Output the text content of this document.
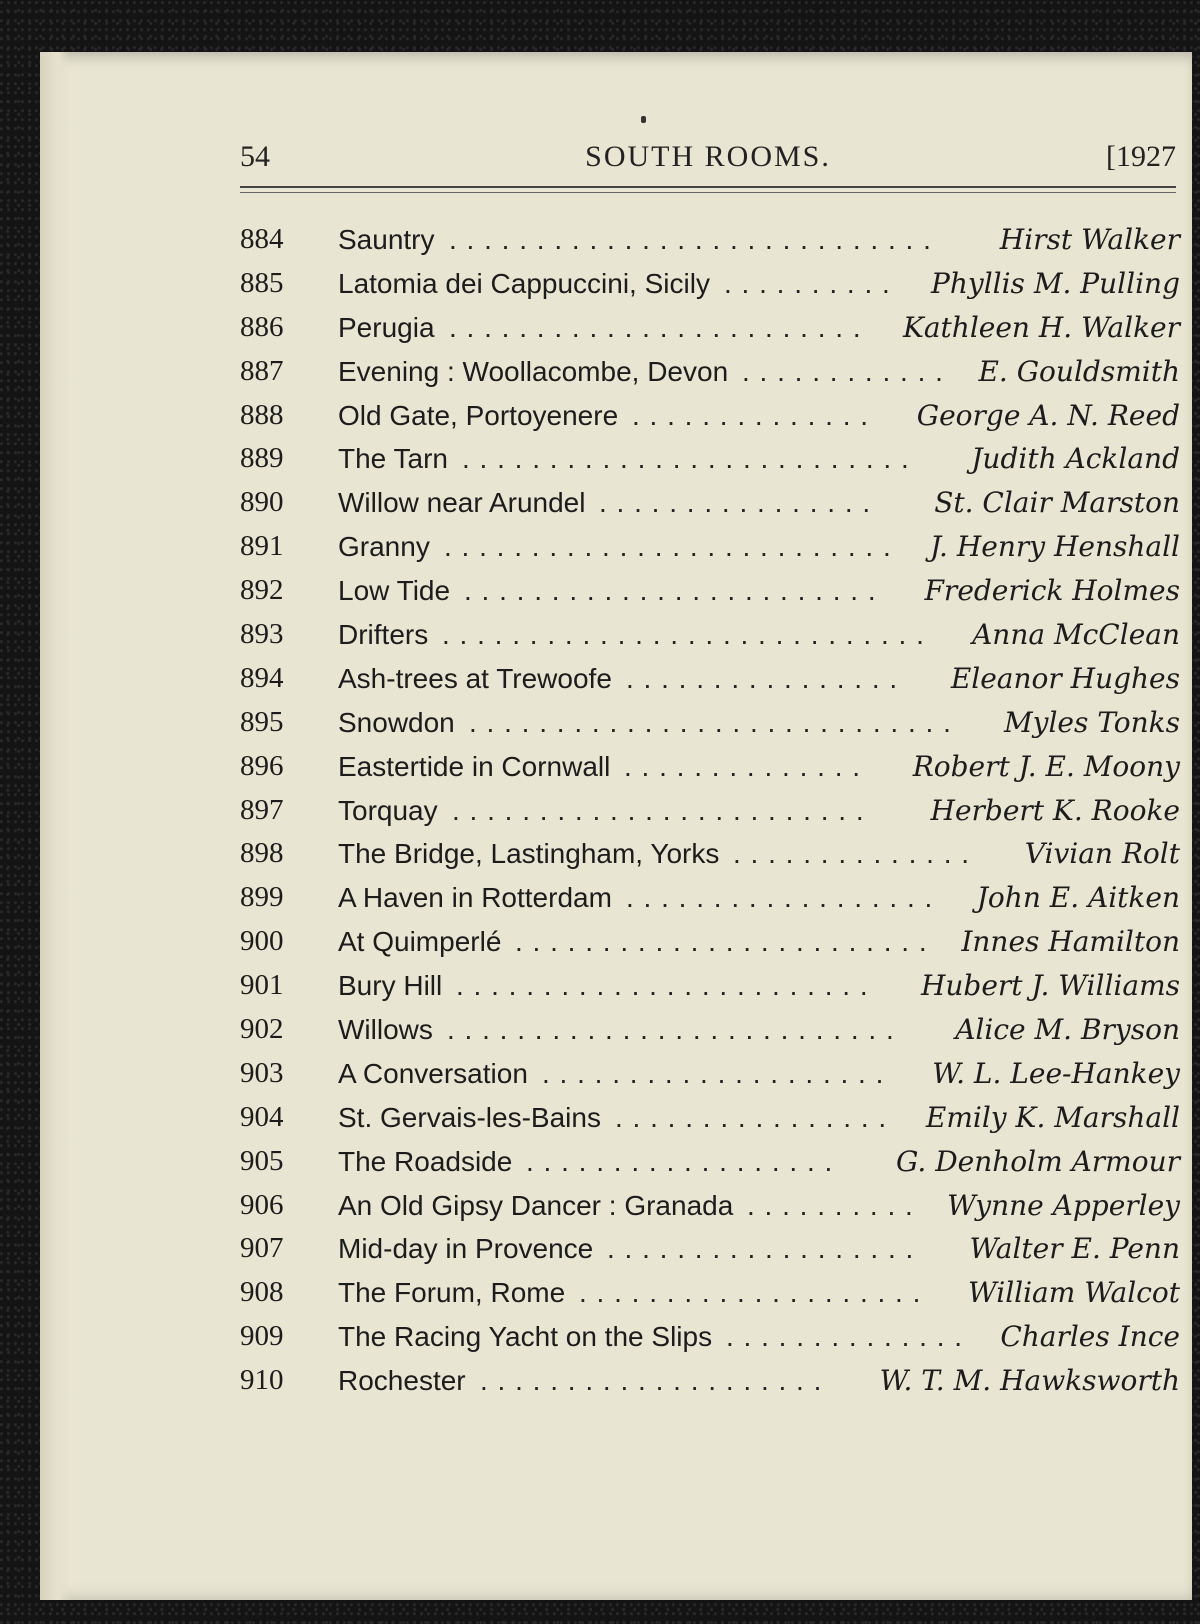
54	SOUTH ROOMS.	[1927
884 Sauntry	Hirst Walker
. . . . . . . . . . . . . . . . . . . . . . . . . . . .
885 Latomia dei Cappuccini, Sicily	Phyllis M. Pulling
. . . . . . . . . .
886 Perugia	Kathleen H. Walker
. . . . . . . . . . . . . . . . . . . . . . . .
887 Evening : Woollacombe, Devon	E. Gouldsmith
. . . . . . . . . . . .
888 Old Gate, Portoyenere	George A. N. Reed
. . . . . . . . . . . . . .
889 The Tarn	Judith Ackland
. . . . . . . . . . . . . . . . . . . . . . . . . .
890 Willow near Arundel	St. Clair Marston
. . . . . . . . . . . . . . . .
891 Granny	J. Henry Henshall
. . . . . . . . . . . . . . . . . . . . . . . . . .
892 Low Tide	Frederick Holmes
. . . . . . . . . . . . . . . . . . . . . . . .
893 Drifters	Anna McClean
. . . . . . . . . . . . . . . . . . . . . . . . . . . .
894 Ash-trees at Trewoofe	Eleanor Hughes
. . . . . . . . . . . . . . . .
895 Snowdon	Myles Tonks
. . . . . . . . . . . . . . . . . . . . . . . . . . . .
896 Eastertide in Cornwall	Robert J. E. Moony
. . . . . . . . . . . . . .
897 Torquay	Herbert K. Rooke
. . . . . . . . . . . . . . . . . . . . . . . .
898 The Bridge, Lastingham, Yorks	Vivian Rolt
. . . . . . . . . . . . . .
899 A Haven in Rotterdam	John E. Aitken
. . . . . . . . . . . . . . . . . .
900 At Quimperlé	Innes Hamilton
. . . . . . . . . . . . . . . . . . . . . . . .
901 Bury Hill	Hubert J. Williams
. . . . . . . . . . . . . . . . . . . . . . . .
902 Willows	Alice M. Bryson
. . . . . . . . . . . . . . . . . . . . . . . . . .
903 A Conversation	W. L. Lee-Hankey
. . . . . . . . . . . . . . . . . . . .
904 St. Gervais-les-Bains	Emily K. Marshall
. . . . . . . . . . . . . . . .
905 The Roadside	G. Denholm Armour
. . . . . . . . . . . . . . . . . .
906 An Old Gipsy Dancer : Granada	Wynne Apperley
. . . . . . . . . .
907 Mid-day in Provence	Walter E. Penn
. . . . . . . . . . . . . . . . . .
908 The Forum, Rome	William Walcot
. . . . . . . . . . . . . . . . . . . .
909 The Racing Yacht on the Slips	Charles Ince
. . . . . . . . . . . . . .
910 Rochester	W. T. M. Hawksworth
. . . . . . . . . . . . . . . . . . . .
